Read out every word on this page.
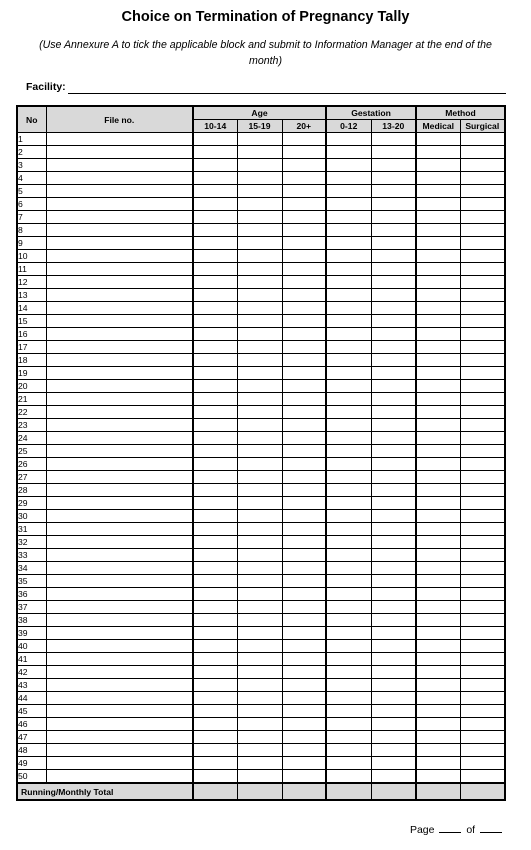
Choice on Termination of Pregnancy Tally
(Use Annexure A to tick the applicable block and submit to Information Manager at the end of the month)
Facility:
No	File no.	Age			Gestation		Method	
		10-14	15-19	20+	0-12	13-20	Medical	Surgical
1								
2								
3								
4								
5								
6								
7								
8								
9								
10								
11								
12								
13								
14								
15								
16								
17								
18								
19								
20								
21								
22								
23								
24								
25								
26								
27								
28								
29								
30								
31								
32								
33								
34								
35								
36								
37								
38								
39								
40								
41								
42								
43								
44								
45								
46								
47								
48								
49								
50								
Running/Monthly Total								
Page	of
